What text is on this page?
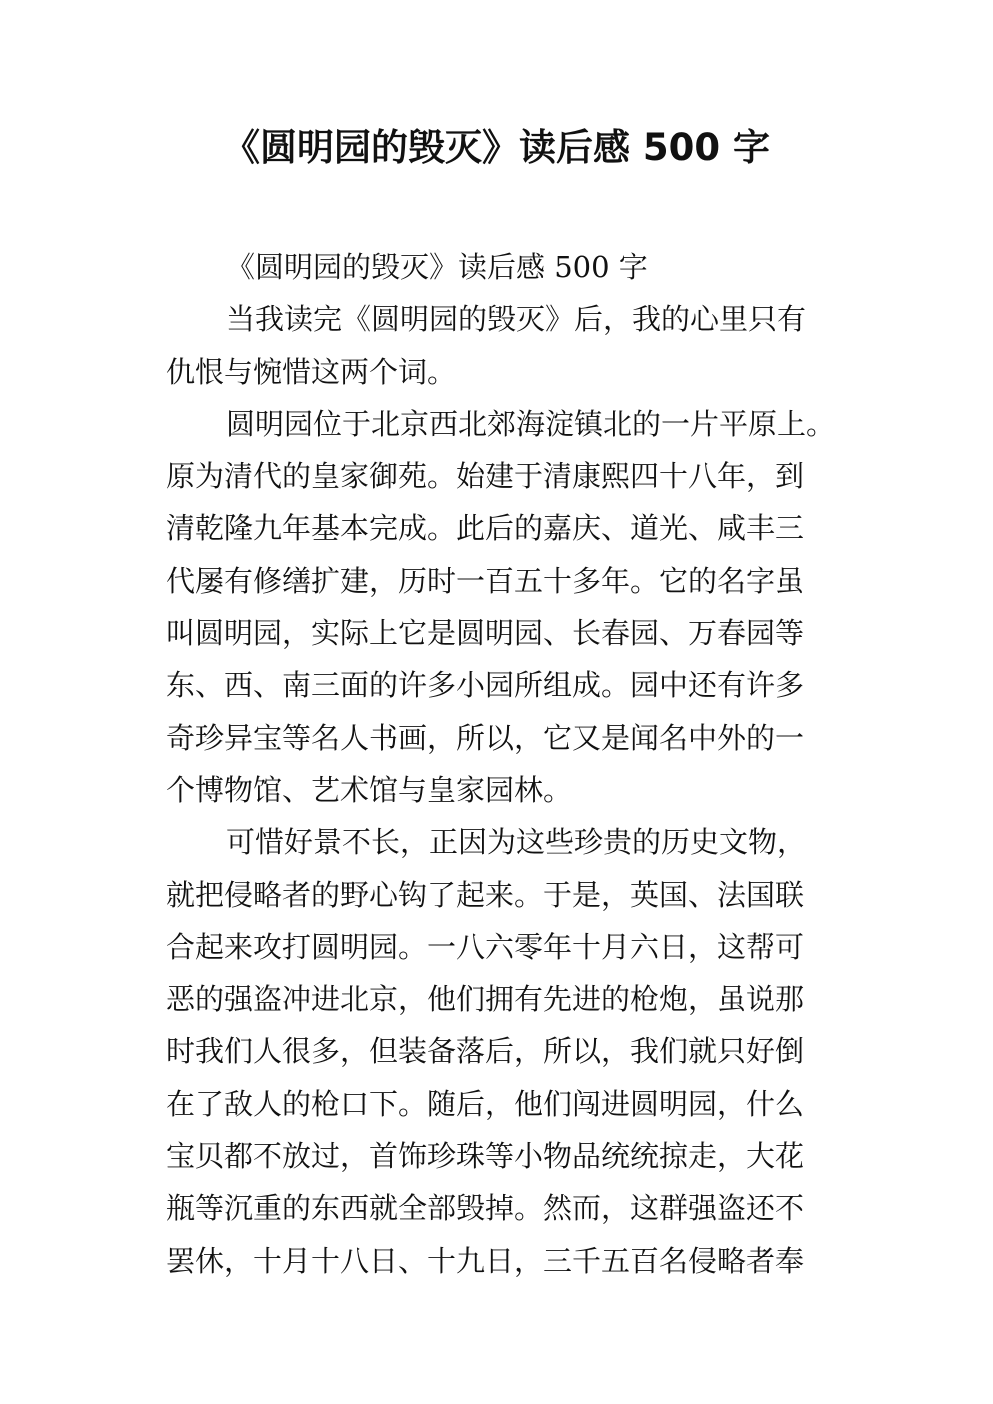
《圆明园的毁灭》读后感 500 字
《圆明园的毁灭》读后感 500 字
当我读完《圆明园的毁灭》后，我的心里只有
仇恨与惋惜这两个词。
圆明园位于北京西北郊海淀镇北的一片平原上。
原为清代的皇家御苑。始建于清康熙四十八年，到
清乾隆九年基本完成。此后的嘉庆、道光、咸丰三
代屡有修缮扩建，历时一百五十多年。它的名字虽
叫圆明园，实际上它是圆明园、长春园、万春园等
东、西、南三面的许多小园所组成。园中还有许多
奇珍异宝等名人书画，所以，它又是闻名中外的一
个博物馆、艺术馆与皇家园林。
可惜好景不长，正因为这些珍贵的历史文物，
就把侵略者的野心钩了起来。于是，英国、法国联
合起来攻打圆明园。一八六零年十月六日，这帮可
恶的强盗冲进北京，他们拥有先进的枪炮，虽说那
时我们人很多，但装备落后，所以，我们就只好倒
在了敌人的枪口下。随后，他们闯进圆明园，什么
宝贝都不放过，首饰珍珠等小物品统统掠走，大花
瓶等沉重的东西就全部毁掉。然而，这群强盗还不
罢休，十月十八日、十九日，三千五百名侵略者奉
